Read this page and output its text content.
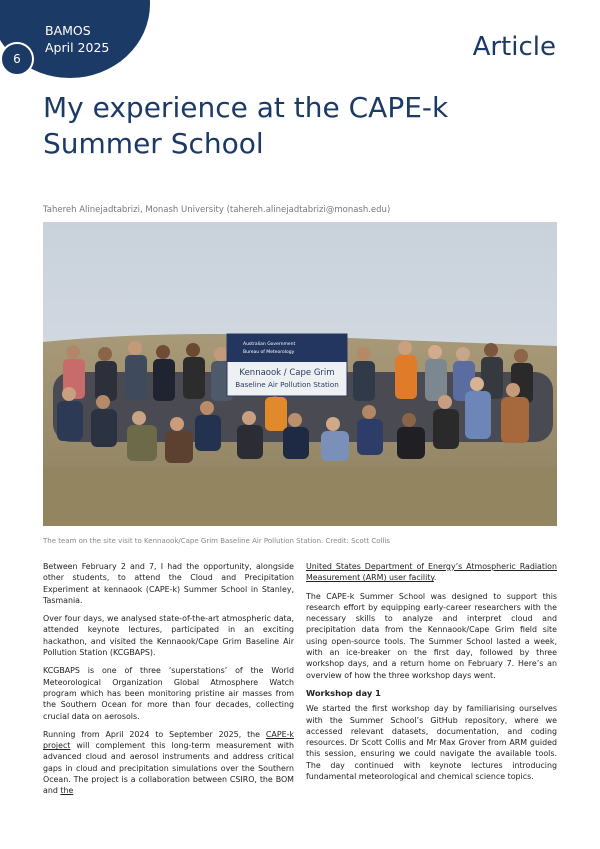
BAMOS
April 2025
6	Article
My experience at the CAPE-k Summer School
Tahereh Alinejadtabrizi, Monash University (tahereh.alinejadtabrizi@monash.edu)
Australian Government
Bureau of Meteorology
Kennaook / Cape Grim
Baseline Air Pollution Station
The team on the site visit to Kennaook/Cape Grim Baseline Air Pollution Station. Credit: Scott Collis

Between February 2 and 7, I had the opportunity, alongside other students, to attend the Cloud and Precipitation Experiment at kennaook (CAPE-k) Summer School in Stanley, Tasmania.

Over four days, we analysed state-of-the-art atmospheric data, attended keynote lectures, participated in an exciting hackathon, and visited the Kennaook/Cape Grim Baseline Air Pollution Station (KCGBAPS).

KCGBAPS is one of three ‘superstations’ of the World Meteorological Organization Global Atmosphere Watch program which has been monitoring pristine air masses from the Southern Ocean for more than four decades, collecting crucial data on aerosols.

Running from April 2024 to September 2025, the CAPE-k project will complement this long-term measurement with advanced cloud and aerosol instruments and address critical gaps in cloud and precipitation simulations over the Southern Ocean. The project is a collaboration between CSIRO, the BOM and the

United States Department of Energy’s Atmospheric Radiation Measurement (ARM) user facility.

The CAPE-k Summer School was designed to support this research effort by equipping early-career researchers with the necessary skills to analyze and interpret cloud and precipitation data from the Kennaook/Cape Grim field site using open-source tools. The Summer School lasted a week, with an ice-breaker on the first day, followed by three workshop days, and a return home on February 7. Here’s an overview of how the three workshop days went.

Workshop day 1

We started the first workshop day by familiarising ourselves with the Summer School’s GitHub repository, where we accessed relevant datasets, documentation, and coding resources. Dr Scott Collis and Mr Max Grover from ARM guided this session, ensuring we could navigate the available tools. The day continued with keynote lectures introducing fundamental meteorological and chemical science topics.
